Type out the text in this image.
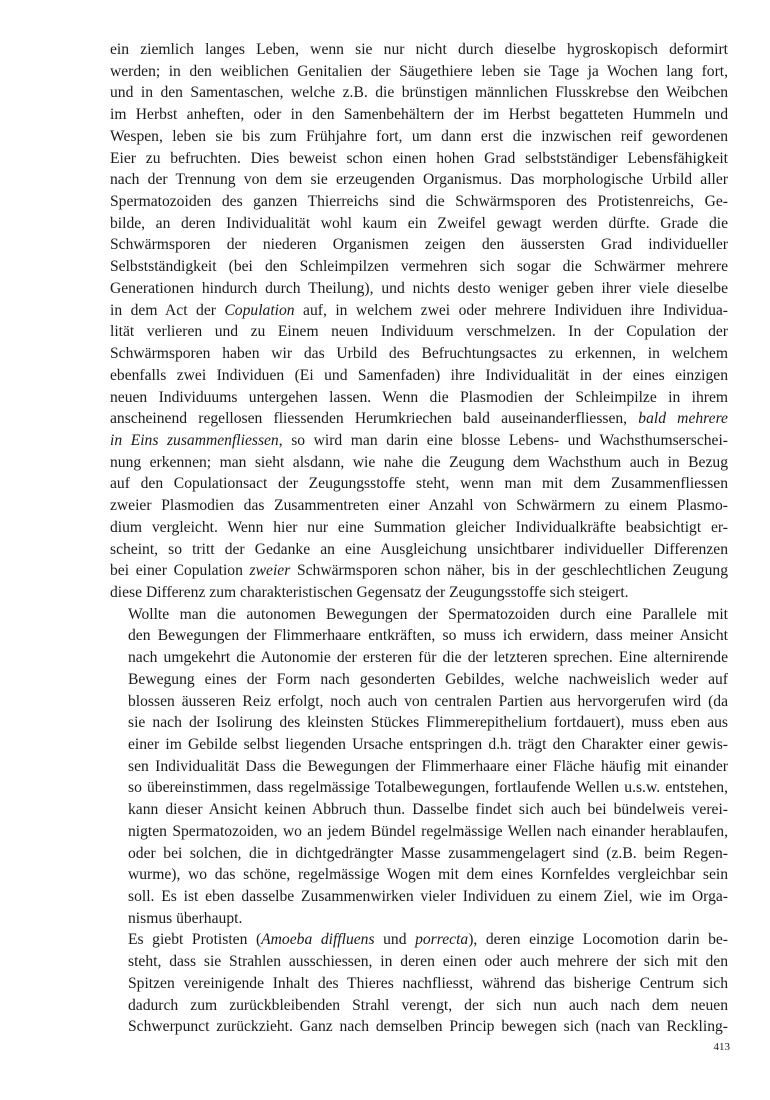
ein ziemlich langes Leben, wenn sie nur nicht durch dieselbe hygroskopisch deformirt
werden; in den weiblichen Genitalien der Säugethiere leben sie Tage ja Wochen lang fort,
und in den Samentaschen, welche z.B. die brünstigen männlichen Flusskrebse den Weibchen
im Herbst anheften, oder in den Samenbehältern der im Herbst begatteten Hummeln und
Wespen, leben sie bis zum Frühjahre fort, um dann erst die inzwischen reif gewordenen
Eier zu befruchten. Dies beweist schon einen hohen Grad selbstständiger Lebensfähigkeit
nach der Trennung von dem sie erzeugenden Organismus. Das morphologische Urbild aller
Spermatozoiden des ganzen Thierreichs sind die Schwärmsporen des Protistenreichs, Ge-
bilde, an deren Individualität wohl kaum ein Zweifel gewagt werden dürfte. Grade die
Schwärmsporen der niederen Organismen zeigen den äussersten Grad individueller
Selbstständigkeit (bei den Schleimpilzen vermehren sich sogar die Schwärmer mehrere
Generationen hindurch durch Theilung), und nichts desto weniger geben ihrer viele dieselbe
in dem Act der Copulation auf, in welchem zwei oder mehrere Individuen ihre Individua-
lität verlieren und zu Einem neuen Individuum verschmelzen. In der Copulation der
Schwärmsporen haben wir das Urbild des Befruchtungsactes zu erkennen, in welchem
ebenfalls zwei Individuen (Ei und Samenfaden) ihre Individualität in der eines einzigen
neuen Individuums untergehen lassen. Wenn die Plasmodien der Schleimpilze in ihrem
anscheinend regellosen fliessenden Herumkriechen bald auseinanderfliessen, bald mehrere
in Eins zusammenfliessen, so wird man darin eine blosse Lebens- und Wachsthumserschei-
nung erkennen; man sieht alsdann, wie nahe die Zeugung dem Wachsthum auch in Bezug
auf den Copulationsact der Zeugungsstoffe steht, wenn man mit dem Zusammenfliessen
zweier Plasmodien das Zusammentreten einer Anzahl von Schwärmern zu einem Plasmo-
dium vergleicht. Wenn hier nur eine Summation gleicher Individualkräfte beabsichtigt er-
scheint, so tritt der Gedanke an eine Ausgleichung unsichtbarer individueller Differenzen
bei einer Copulation zweier Schwärmsporen schon näher, bis in der geschlechtlichen Zeugung
diese Differenz zum charakteristischen Gegensatz der Zeugungsstoffe sich steigert.

Wollte man die autonomen Bewegungen der Spermatozoiden durch eine Parallele mit
den Bewegungen der Flimmerhaare entkräften, so muss ich erwidern, dass meiner Ansicht
nach umgekehrt die Autonomie der ersteren für die der letzteren sprechen. Eine alternirende
Bewegung eines der Form nach gesonderten Gebildes, welche nachweislich weder auf
blossen äusseren Reiz erfolgt, noch auch von centralen Partien aus hervorgerufen wird (da
sie nach der Isolirung des kleinsten Stückes Flimmerepithelium fortdauert), muss eben aus
einer im Gebilde selbst liegenden Ursache entspringen d.h. trägt den Charakter einer gewis-
sen Individualität Dass die Bewegungen der Flimmerhaare einer Fläche häufig mit einander
so übereinstimmen, dass regelmässige Totalbewegungen, fortlaufende Wellen u.s.w. entstehen,
kann dieser Ansicht keinen Abbruch thun. Dasselbe findet sich auch bei bündelweis verei-
nigten Spermatozoiden, wo an jedem Bündel regelmässige Wellen nach einander herablaufen,
oder bei solchen, die in dichtgedrängter Masse zusammengelagert sind (z.B. beim Regen-
wurme), wo das schöne, regelmässige Wogen mit dem eines Kornfeldes vergleichbar sein
soll. Es ist eben dasselbe Zusammenwirken vieler Individuen zu einem Ziel, wie im Orga-
nismus überhaupt.

Es giebt Protisten (Amoeba diffluens und porrecta), deren einzige Locomotion darin be-
steht, dass sie Strahlen ausschiessen, in deren einen oder auch mehrere der sich mit den
Spitzen vereinigende Inhalt des Thieres nachfliesst, während das bisherige Centrum sich
dadurch zum zurückbleibenden Strahl verengt, der sich nun auch nach dem neuen
Schwerpunct zurückzieht. Ganz nach demselben Princip bewegen sich (nach van Reckling-

413
